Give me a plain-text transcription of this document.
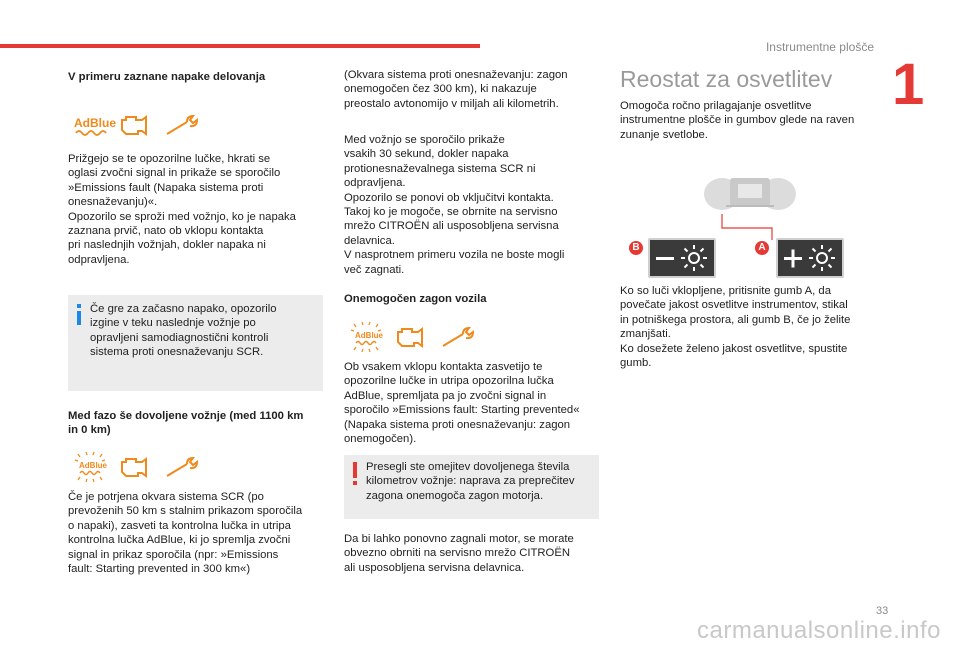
Instrumentne plošče
1
V primeru zaznane napake delovanja
AdBlue
Prižgejo se te opozorilne lučke, hkrati se
oglasi zvočni signal in prikaže se sporočilo
»Emissions fault (Napaka sistema proti
onesnaževanju)«.
Opozorilo se sproži med vožnjo, ko je napaka
zaznana prvič, nato ob vklopu kontakta
pri naslednjih vožnjah, dokler napaka ni
odpravljena.
Če gre za začasno napako, opozorilo
izgine v teku naslednje vožnje po
opravljeni samodiagnostični kontroli
sistema proti onesnaževanju SCR.
Med fazo še dovoljene vožnje (med 1100 km
in 0 km)
AdBlue
Če je potrjena okvara sistema SCR (po
prevoženih 50 km s stalnim prikazom sporočila
o napaki), zasveti ta kontrolna lučka in utripa
kontrolna lučka AdBlue, ki jo spremlja zvočni
signal in prikaz sporočila (npr: »Emissions
fault: Starting prevented in 300 km«)
(Okvara sistema proti onesnaževanju: zagon
onemogočen čez 300 km), ki nakazuje
preostalo avtonomijo v miljah ali kilometrih.
Med vožnjo se sporočilo prikaže
vsakih 30 sekund, dokler napaka
protionesnaževalnega sistema SCR ni
odpravljena.
Opozorilo se ponovi ob vključitvi kontakta.
Takoj ko je mogoče, se obrnite na servisno
mrežo CITROËN ali usposobljena servisna
delavnica.
V nasprotnem primeru vozila ne boste mogli
več zagnati.
Onemogočen zagon vozila
AdBlue
Ob vsakem vklopu kontakta zasvetijo te
opozorilne lučke in utripa opozorilna lučka
AdBlue, spremljata pa jo zvočni signal in
sporočilo »Emissions fault: Starting prevented«
(Napaka sistema proti onesnaževanju: zagon
onemogočen).
Presegli ste omejitev dovoljenega števila
kilometrov vožnje: naprava za preprečitev
zagona onemogoča zagon motorja.
Da bi lahko ponovno zagnali motor, se morate
obvezno obrniti na servisno mrežo CITROËN
ali usposobljena servisna delavnica.
Reostat za osvetlitev
Omogoča ročno prilagajanje osvetlitve
instrumentne plošče in gumbov glede na raven
zunanje svetlobe.
B	A
Ko so luči vklopljene, pritisnite gumb A, da
povečate jakost osvetlitve instrumentov, stikal
in potniškega prostora, ali gumb B, če jo želite
zmanjšati.
Ko dosežete želeno jakost osvetlitve, spustite
gumb.
33
carmanualsonline.info
